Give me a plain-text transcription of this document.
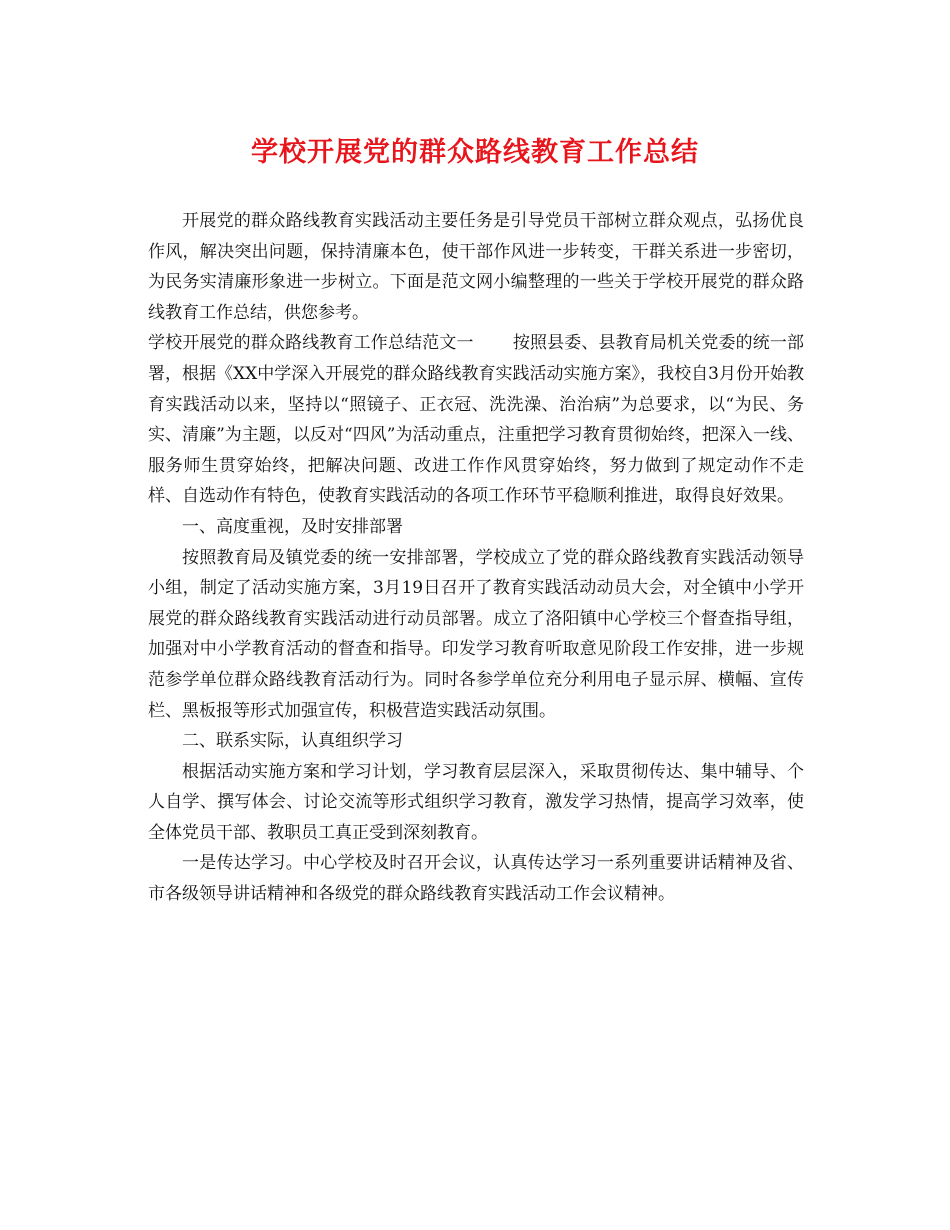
学校开展党的群众路线教育工作总结

开展党的群众路线教育实践活动主要任务是引导党员干部树立群众观点，弘扬优良作风，解决突出问题，保持清廉本色，使干部作风进一步转变，干群关系进一步密切，为民务实清廉形象进一步树立。下面是范文网小编整理的一些关于学校开展党的群众路线教育工作总结，供您参考。

学校开展党的群众路线教育工作总结范文一 按照县委、县教育局机关党委的统一部署，根据《XX中学深入开展党的群众路线教育实践活动实施方案》，我校自3月份开始教育实践活动以来，坚持以“照镜子、正衣冠、洗洗澡、治治病”为总要求，以“为民、务实、清廉”为主题，以反对“四风”为活动重点，注重把学习教育贯彻始终，把深入一线、服务师生贯穿始终，把解决问题、改进工作作风贯穿始终，努力做到了规定动作不走样、自选动作有特色，使教育实践活动的各项工作环节平稳顺利推进，取得良好效果。

一、高度重视，及时安排部署

按照教育局及镇党委的统一安排部署，学校成立了党的群众路线教育实践活动领导小组，制定了活动实施方案，3月19日召开了教育实践活动动员大会，对全镇中小学开展党的群众路线教育实践活动进行动员部署。成立了洛阳镇中心学校三个督查指导组，加强对中小学教育活动的督查和指导。印发学习教育听取意见阶段工作安排，进一步规范参学单位群众路线教育活动行为。同时各参学单位充分利用电子显示屏、横幅、宣传栏、黑板报等形式加强宣传，积极营造实践活动氛围。

二、联系实际，认真组织学习

根据活动实施方案和学习计划，学习教育层层深入，采取贯彻传达、集中辅导、个人自学、撰写体会、讨论交流等形式组织学习教育，激发学习热情，提高学习效率，使全体党员干部、教职员工真正受到深刻教育。

一是传达学习。中心学校及时召开会议，认真传达学习一系列重要讲话精神及省、市各级领导讲话精神和各级党的群众路线教育实践活动工作会议精神。
